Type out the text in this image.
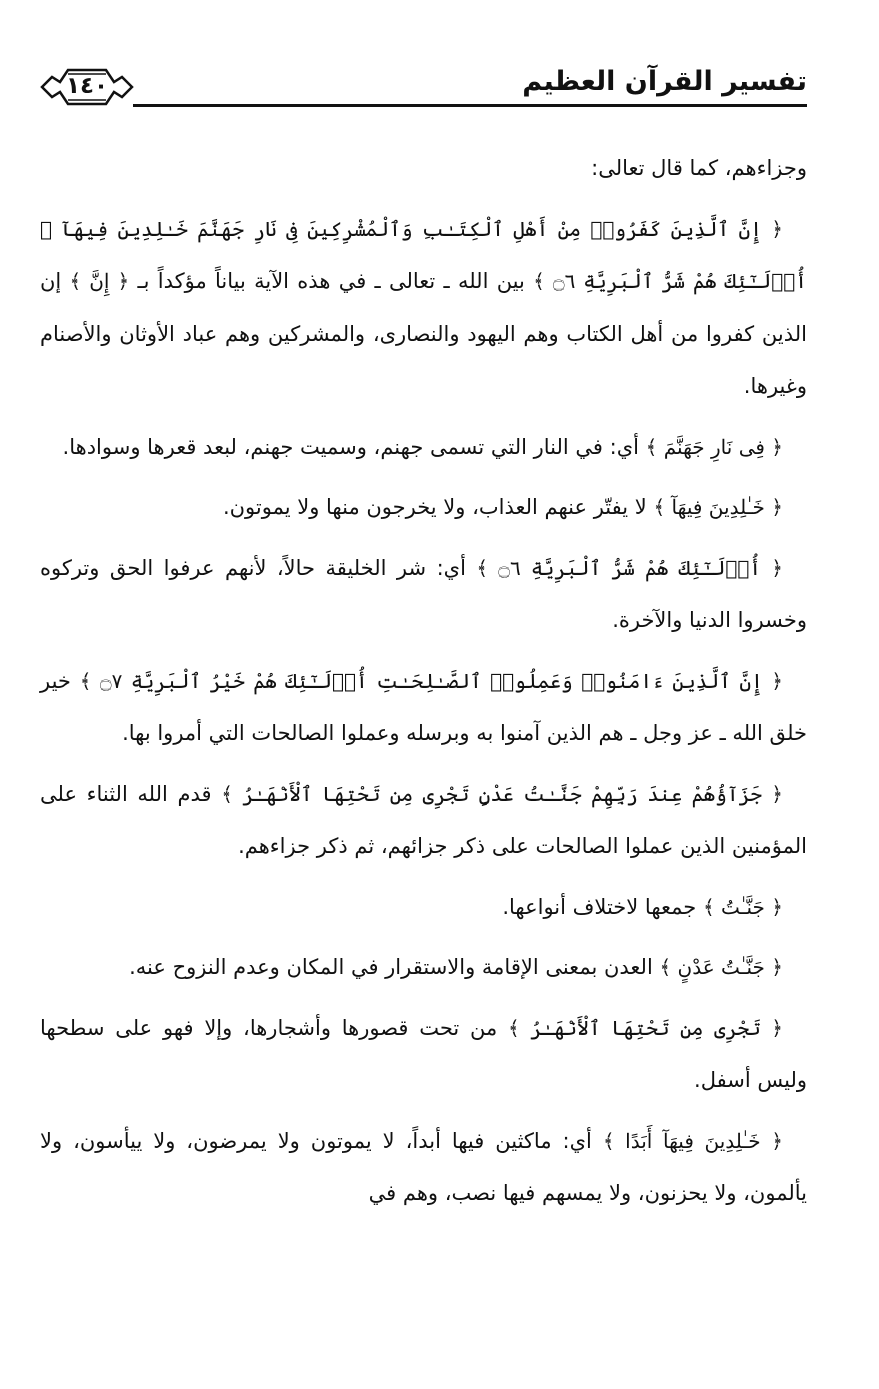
تفسير القرآن العظيم
١٤٠

وجزاءهم، كما قال تعالى:

﴿ إِنَّ ٱلَّذِينَ كَفَرُوا۟ مِنْ أَهْلِ ٱلْكِتَـٰبِ وَٱلْمُشْرِكِينَ فِى نَارِ جَهَنَّمَ خَـٰلِدِينَ فِيهَآ ۚ أُو۟لَـٰٓئِكَ هُمْ شَرُّ ٱلْبَرِيَّةِ ۝٦ ﴾ بين الله ـ تعالى ـ في هذه الآية بياناً مؤكداً بـ ﴿ إِنَّ ﴾ إن الذين كفروا من أهل الكتاب وهم اليهود والنصارى، والمشركين وهم عباد الأوثان والأصنام وغيرها.

﴿ فِى نَارِ جَهَنَّمَ ﴾ أي: في النار التي تسمى جهنم، وسميت جهنم، لبعد قعرها وسوادها.

﴿ خَـٰلِدِينَ فِيهَآ ﴾ لا يفتّر عنهم العذاب، ولا يخرجون منها ولا يموتون.

﴿ أُو۟لَـٰٓئِكَ هُمْ شَرُّ ٱلْبَرِيَّةِ ۝٦ ﴾ أي: شر الخليقة حالاً، لأنهم عرفوا الحق وتركوه وخسروا الدنيا والآخرة.

﴿ إِنَّ ٱلَّذِينَ ءَامَنُوا۟ وَعَمِلُوا۟ ٱلصَّـٰلِحَـٰتِ أُو۟لَـٰٓئِكَ هُمْ خَيْرُ ٱلْبَرِيَّةِ ۝٧ ﴾ خير خلق الله ـ عز وجل ـ هم الذين آمنوا به وبرسله وعملوا الصالحات التي أمروا بها.

﴿ جَزَآؤُهُمْ عِندَ رَبِّهِمْ جَنَّـٰتُ عَدْنٍ تَجْرِى مِن تَحْتِهَا ٱلْأَنْهَـٰرُ ﴾ قدم الله الثناء على المؤمنين الذين عملوا الصالحات على ذكر جزائهم، ثم ذكر جزاءهم.

﴿ جَنَّـٰتُ ﴾ جمعها لاختلاف أنواعها.

﴿ جَنَّـٰتُ عَدْنٍ ﴾ العدن بمعنى الإقامة والاستقرار في المكان وعدم النزوح عنه.

﴿ تَجْرِى مِن تَحْتِهَا ٱلْأَنْهَـٰرُ ﴾ من تحت قصورها وأشجارها، وإلا فهو على سطحها وليس أسفل.

﴿ خَـٰلِدِينَ فِيهَآ أَبَدًا ﴾ أي: ماكثين فيها أبداً، لا يموتون ولا يمرضون، ولا ييأسون، ولا يألمون، ولا يحزنون، ولا يمسهم فيها نصب، وهم في
